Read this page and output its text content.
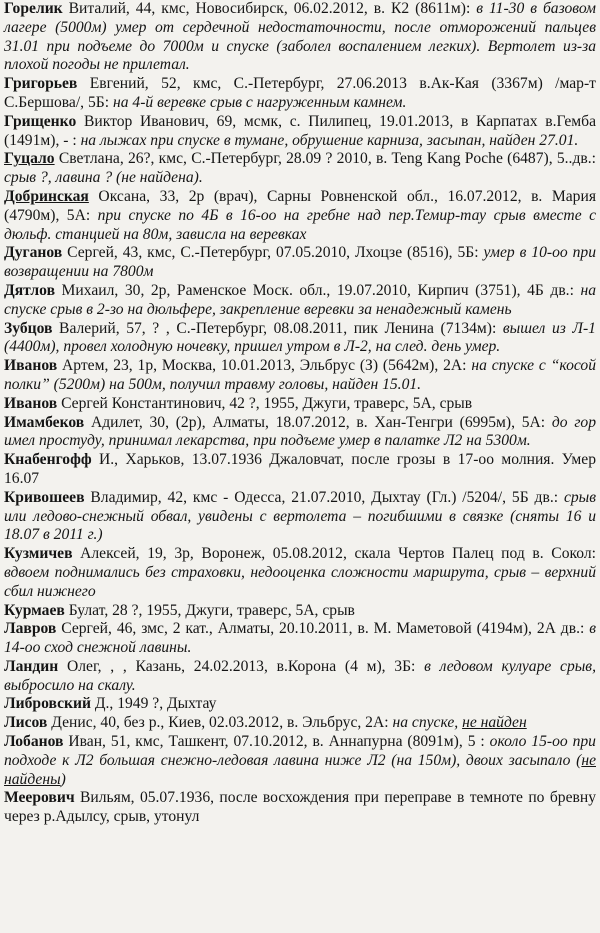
Горелик Виталий, 44, кмс, Новосибирск, 06.02.2012, в. К2 (8611м): в 11-30 в базовом лагере (5000м) умер от сердечной недостаточности, после отморожений пальцев 31.01 при подъеме до 7000м и спуске (заболел воспалением легких). Вертолет из-за плохой погоды не прилетал.

Григорьев Евгений, 52, кмс, С.-Петербург, 27.06.2013 в.Ак-Кая (3367м) /мар-т С.Бершова/, 5Б: на 4-й веревке срыв с нагруженным камнем.

Грищенко Виктор Иванович, 69, мсмк, с. Пилипец, 19.01.2013, в Карпатах в.Гемба (1491м), - : на лыжах при спуске в тумане, обрушение карниза, засыпан, найден 27.01.

Гуцало Светлана, 26?, кмс, С.-Петербург, 28.09 ? 2010, в. Teng Kang Poche (6487), 5..дв.: срыв ?, лавина ? (не найдена).

Добринская Оксана, 33, 2р (врач), Сарны Ровненской обл., 16.07.2012, в. Мария (4790м), 5А: при спуске по 4Б в 16-оо на гребне над пер.Темир-тау срыв вместе с дюльф. станцией на 80м, зависла на веревках

Дуганов Сергей, 43, кмс, С.-Петербург, 07.05.2010, Лхоцзе (8516), 5Б: умер в 10-оо при возвращении на 7800м

Дятлов Михаил, 30, 2р, Раменское Моск. обл., 19.07.2010, Кирпич (3751), 4Б дв.: на спуске срыв в 2-зо на дюльфере, закрепление веревки за ненадежный камень

Зубцов Валерий, 57, ? , С.-Петербург, 08.08.2011, пик Ленина (7134м): вышел из Л-1 (4400м), провел холодную ночевку, пришел утром в Л-2, на след. день умер.

Иванов Артем, 23, 1р, Москва, 10.01.2013, Эльбрус (З) (5642м), 2А: на спуске с “косой полки” (5200м) на 500м, получил травму головы, найден 15.01.

Иванов Сергей Константинович, 42 ?, 1955, Джуги, траверс, 5А, срыв

Имамбеков Адилет, 30, (2р), Алматы, 18.07.2012, в. Хан-Тенгри (6995м), 5А: до гор имел простуду, принимал лекарства, при подъеме умер в палатке Л2 на 5300м.

Кнабенгофф И., Харьков, 13.07.1936 Джаловчат, после грозы в 17-оо молния. Умер 16.07

Кривошеев Владимир, 42, кмс - Одесса, 21.07.2010, Дыхтау (Гл.) /5204/, 5Б дв.: срыв или ледово-снежный обвал, увидены с вертолета – погибшими в связке (сняты 16 и 18.07 в 2011 г.)

Кузмичев Алексей, 19, 3р, Воронеж, 05.08.2012, скала Чертов Палец под в. Сокол: вдвоем поднимались без страховки, недооценка сложности маршрута, срыв – верхний сбил нижнего

Курмаев Булат, 28 ?, 1955, Джуги, траверс, 5А, срыв

Лавров Сергей, 46, змс, 2 кат., Алматы, 20.10.2011, в. М. Маметовой (4194м), 2А дв.: в 14-оо сход снежной лавины.

Ландин Олег, , , Казань, 24.02.2013, в.Корона (4 м), 3Б: в ледовом кулуаре срыв, выбросило на скалу.

Либровский Д., 1949 ?, Дыхтау

Лисов Денис, 40, без р., Киев, 02.03.2012, в. Эльбрус, 2А: на спуске, не найден

Лобанов Иван, 51, кмс, Ташкент, 07.10.2012, в. Аннапурна (8091м), 5 : около 15-оо при подходе к Л2 большая снежно-ледовая лавина ниже Л2 (на 150м), двоих засыпало (не найдены)

Меерович Вильям, 05.07.1936, после восхождения при переправе в темноте по бревну через р.Адылсу, срыв, утонул
